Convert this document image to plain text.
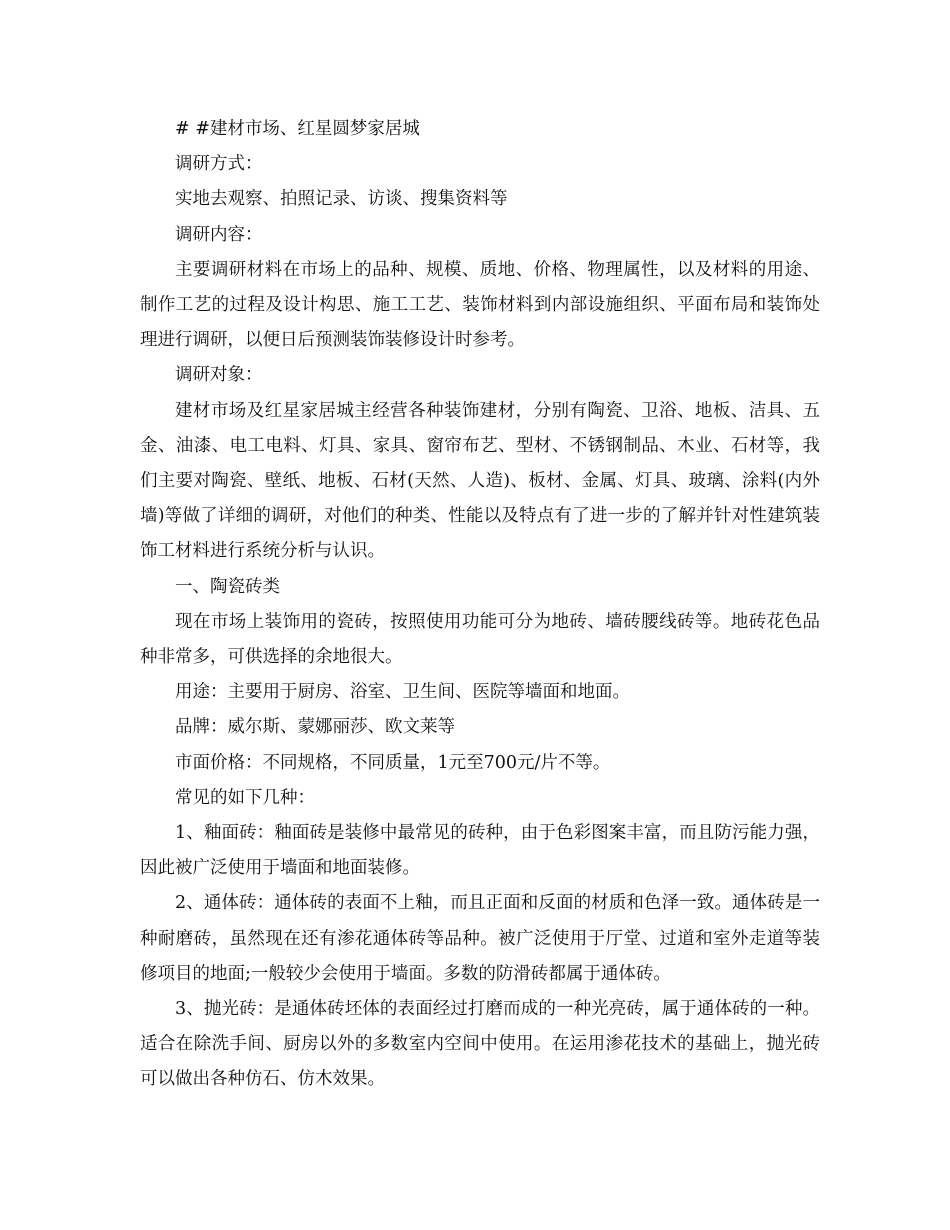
# #建材市场、红星圆梦家居城

调研方式：

实地去观察、拍照记录、访谈、搜集资料等

调研内容：

主要调研材料在市场上的品种、规模、质地、价格、物理属性，以及材料的用途、制作工艺的过程及设计构思、施工工艺、装饰材料到内部设施组织、平面布局和装饰处理进行调研，以便日后预测装饰装修设计时参考。

调研对象：

建材市场及红星家居城主经营各种装饰建材，分别有陶瓷、卫浴、地板、洁具、五金、油漆、电工电料、灯具、家具、窗帘布艺、型材、不锈钢制品、木业、石材等，我们主要对陶瓷、壁纸、地板、石材(天然、人造)、板材、金属、灯具、玻璃、涂料(内外墙)等做了详细的调研，对他们的种类、性能以及特点有了进一步的了解并针对性建筑装饰工材料进行系统分析与认识。

一、陶瓷砖类

现在市场上装饰用的瓷砖，按照使用功能可分为地砖、墙砖腰线砖等。地砖花色品种非常多，可供选择的余地很大。

用途：主要用于厨房、浴室、卫生间、医院等墙面和地面。

品牌：威尔斯、蒙娜丽莎、欧文莱等

市面价格：不同规格，不同质量，1元至700元/片不等。

常见的如下几种：

1、釉面砖：釉面砖是装修中最常见的砖种，由于色彩图案丰富，而且防污能力强，因此被广泛使用于墙面和地面装修。

2、通体砖：通体砖的表面不上釉，而且正面和反面的材质和色泽一致。通体砖是一种耐磨砖，虽然现在还有渗花通体砖等品种。被广泛使用于厅堂、过道和室外走道等装修项目的地面;一般较少会使用于墙面。多数的防滑砖都属于通体砖。

3、抛光砖：是通体砖坯体的表面经过打磨而成的一种光亮砖，属于通体砖的一种。适合在除洗手间、厨房以外的多数室内空间中使用。在运用渗花技术的基础上，抛光砖可以做出各种仿石、仿木效果。
